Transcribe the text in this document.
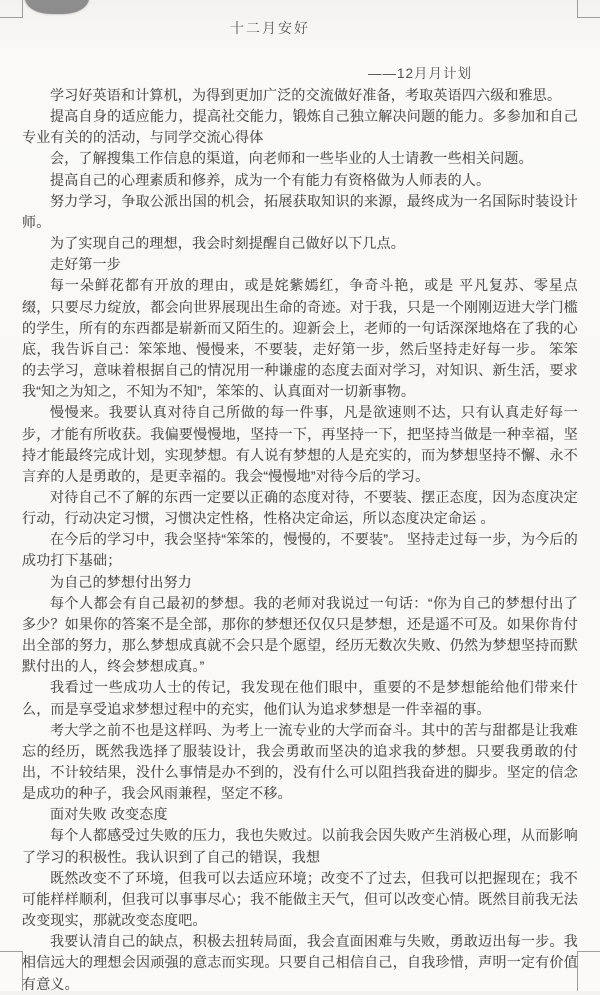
十二月安好

——12月月计划

学习好英语和计算机，为得到更加广泛的交流做好准备，考取英语四六级和雅思。

提高自身的适应能力，提高社交能力，锻炼自己独立解决问题的能力。多参加和自己专业有关的的活动，与同学交流心得体

会，了解搜集工作信息的渠道，向老师和一些毕业的人士请教一些相关问题。

提高自己的心理素质和修养，成为一个有能力有资格做为人师表的人。

努力学习，争取公派出国的机会，拓展获取知识的来源，最终成为一名国际时装设计师。

为了实现自己的理想，我会时刻提醒自己做好以下几点。

走好第一步

每一朵鲜花都有开放的理由，或是姹紫嫣红，争奇斗艳，或是 平凡复苏、零星点缀，只要尽力绽放，都会向世界展现出生命的奇迹。对于我，只是一个刚刚迈进大学门槛的学生，所有的东西都是崭新而又陌生的。迎新会上，老师的一句话深深地烙在了我的心底，我告诉自己：笨笨地、慢慢来，不要装，走好第一步，然后坚持走好每一步。 笨笨的去学习，意味着根据自己的情况用一种谦虚的态度去面对学习，对知识、新生活，要求我“知之为知之，不知为不知”，笨笨的、认真面对一切新事物。

慢慢来。我要认真对待自己所做的每一件事，凡是欲速则不达，只有认真走好每一步，才能有所收获。我偏要慢慢地，坚持一下，再坚持一下，把坚持当做是一种幸福，坚持才能最终完成计划，实现梦想。有人说有梦想的人是充实的，而为梦想坚持不懈、永不言弃的人是勇敢的，是更幸福的。我会“慢慢地”对待今后的学习。

对待自己不了解的东西一定要以正确的态度对待，不要装、摆正态度，因为态度决定行动，行动决定习惯，习惯决定性格，性格决定命运，所以态度决定命运 。

在今后的学习中，我会坚持“笨笨的，慢慢的，不要装”。 坚持走过每一步，为今后的成功打下基础；

为自己的梦想付出努力

每个人都会有自己最初的梦想。我的老师对我说过一句话：“你为自己的梦想付出了多少？如果你的答案不是全部，那你的梦想还仅仅只是梦想，还是遥不可及。如果你肯付出全部的努力，那么梦想成真就不会只是个愿望，经历无数次失败、仍然为梦想坚持而默默付出的人，终会梦想成真。”

我看过一些成功人士的传记，我发现在他们眼中，重要的不是梦想能给他们带来什么，而是享受追求梦想过程中的充实，他们认为追求梦想是一件幸福的事。

考大学之前不也是这样吗、为考上一流专业的大学而奋斗。其中的苦与甜都是让我难忘的经历，既然我选择了服装设计，我会勇敢而坚决的追求我的梦想。只要我勇敢的付出，不计较结果，没什么事情是办不到的，没有什么可以阻挡我奋进的脚步。坚定的信念是成功的种子，我会风雨兼程，坚定不移。

面对失败 改变态度

每个人都感受过失败的压力，我也失败过。以前我会因失败产生消极心理，从而影响了学习的积极性。我认识到了自己的错误，我想

既然改变不了环境，但我可以去适应环境；改变不了过去，但我可以把握现在；我不可能样样顺利，但我可以事事尽心；我不能做主天气，但可以改变心情。既然目前我无法改变现实，那就改变态度吧。

我要认清自己的缺点，积极去扭转局面，我会直面困难与失败，勇敢迈出每一步。我相信远大的理想会因顽强的意志而实现。只要自己相信自己，自我珍惜，声明一定有价值有意义。
